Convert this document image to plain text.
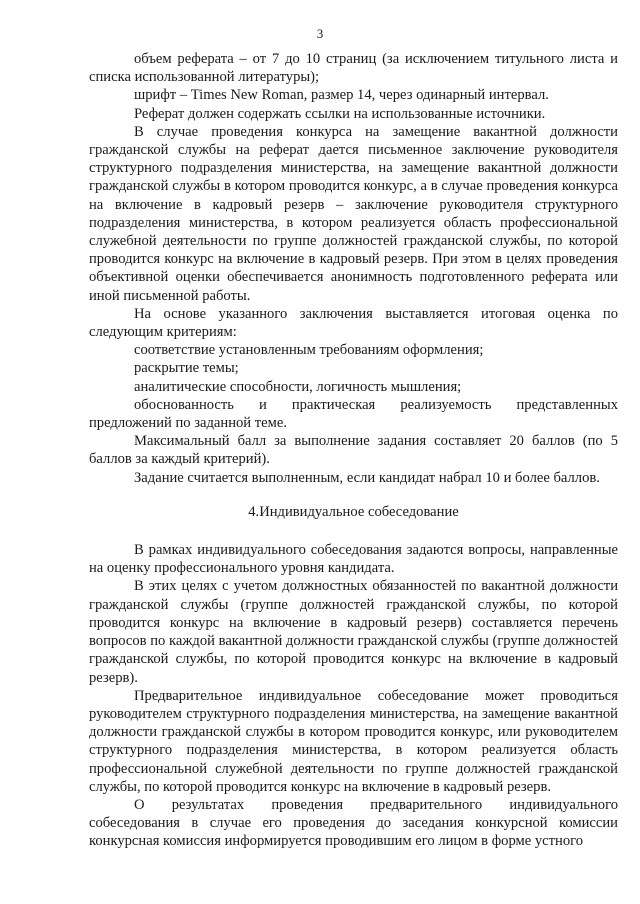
3

объем реферата – от 7 до 10 страниц (за исключением титульного листа и списка использованной литературы);

шрифт – Times New Roman, размер 14, через одинарный интервал.

Реферат должен содержать ссылки на использованные источники.

В случае проведения конкурса на замещение вакантной должности гражданской службы на реферат дается письменное заключение руководителя структурного подразделения министерства, на замещение вакантной должности гражданской службы в котором проводится конкурс, а в случае проведения конкурса на включение в кадровый резерв – заключение руководителя структурного подразделения министерства, в котором реализуется область профессиональной служебной деятельности по группе должностей гражданской службы, по которой проводится конкурс на включение в кадровый резерв. При этом в целях проведения объективной оценки обеспечивается анонимность подготовленного реферата или иной письменной работы.

На основе указанного заключения выставляется итоговая оценка по следующим критериям:

соответствие установленным требованиям оформления;

раскрытие темы;

аналитические способности, логичность мышления;

обоснованность и практическая реализуемость представленных предложений по заданной теме.

Максимальный балл за выполнение задания составляет 20 баллов (по 5 баллов за каждый критерий).

Задание считается выполненным, если кандидат набрал 10 и более баллов.

4.Индивидуальное собеседование

В рамках индивидуального собеседования задаются вопросы, направленные на оценку профессионального уровня кандидата.

В этих целях с учетом должностных обязанностей по вакантной должности гражданской службы (группе должностей гражданской службы, по которой проводится конкурс на включение в кадровый резерв) составляется перечень вопросов по каждой вакантной должности гражданской службы (группе должностей гражданской службы, по которой проводится конкурс на включение в кадровый резерв).

Предварительное индивидуальное собеседование может проводиться руководителем структурного подразделения министерства, на замещение вакантной должности гражданской службы в котором проводится конкурс, или руководителем структурного подразделения министерства, в котором реализуется область профессиональной служебной деятельности по группе должностей гражданской службы, по которой проводится конкурс на включение в кадровый резерв.

О результатах проведения предварительного индивидуального собеседования в случае его проведения до заседания конкурсной комиссии конкурсная комиссия информируется проводившим его лицом в форме устного
